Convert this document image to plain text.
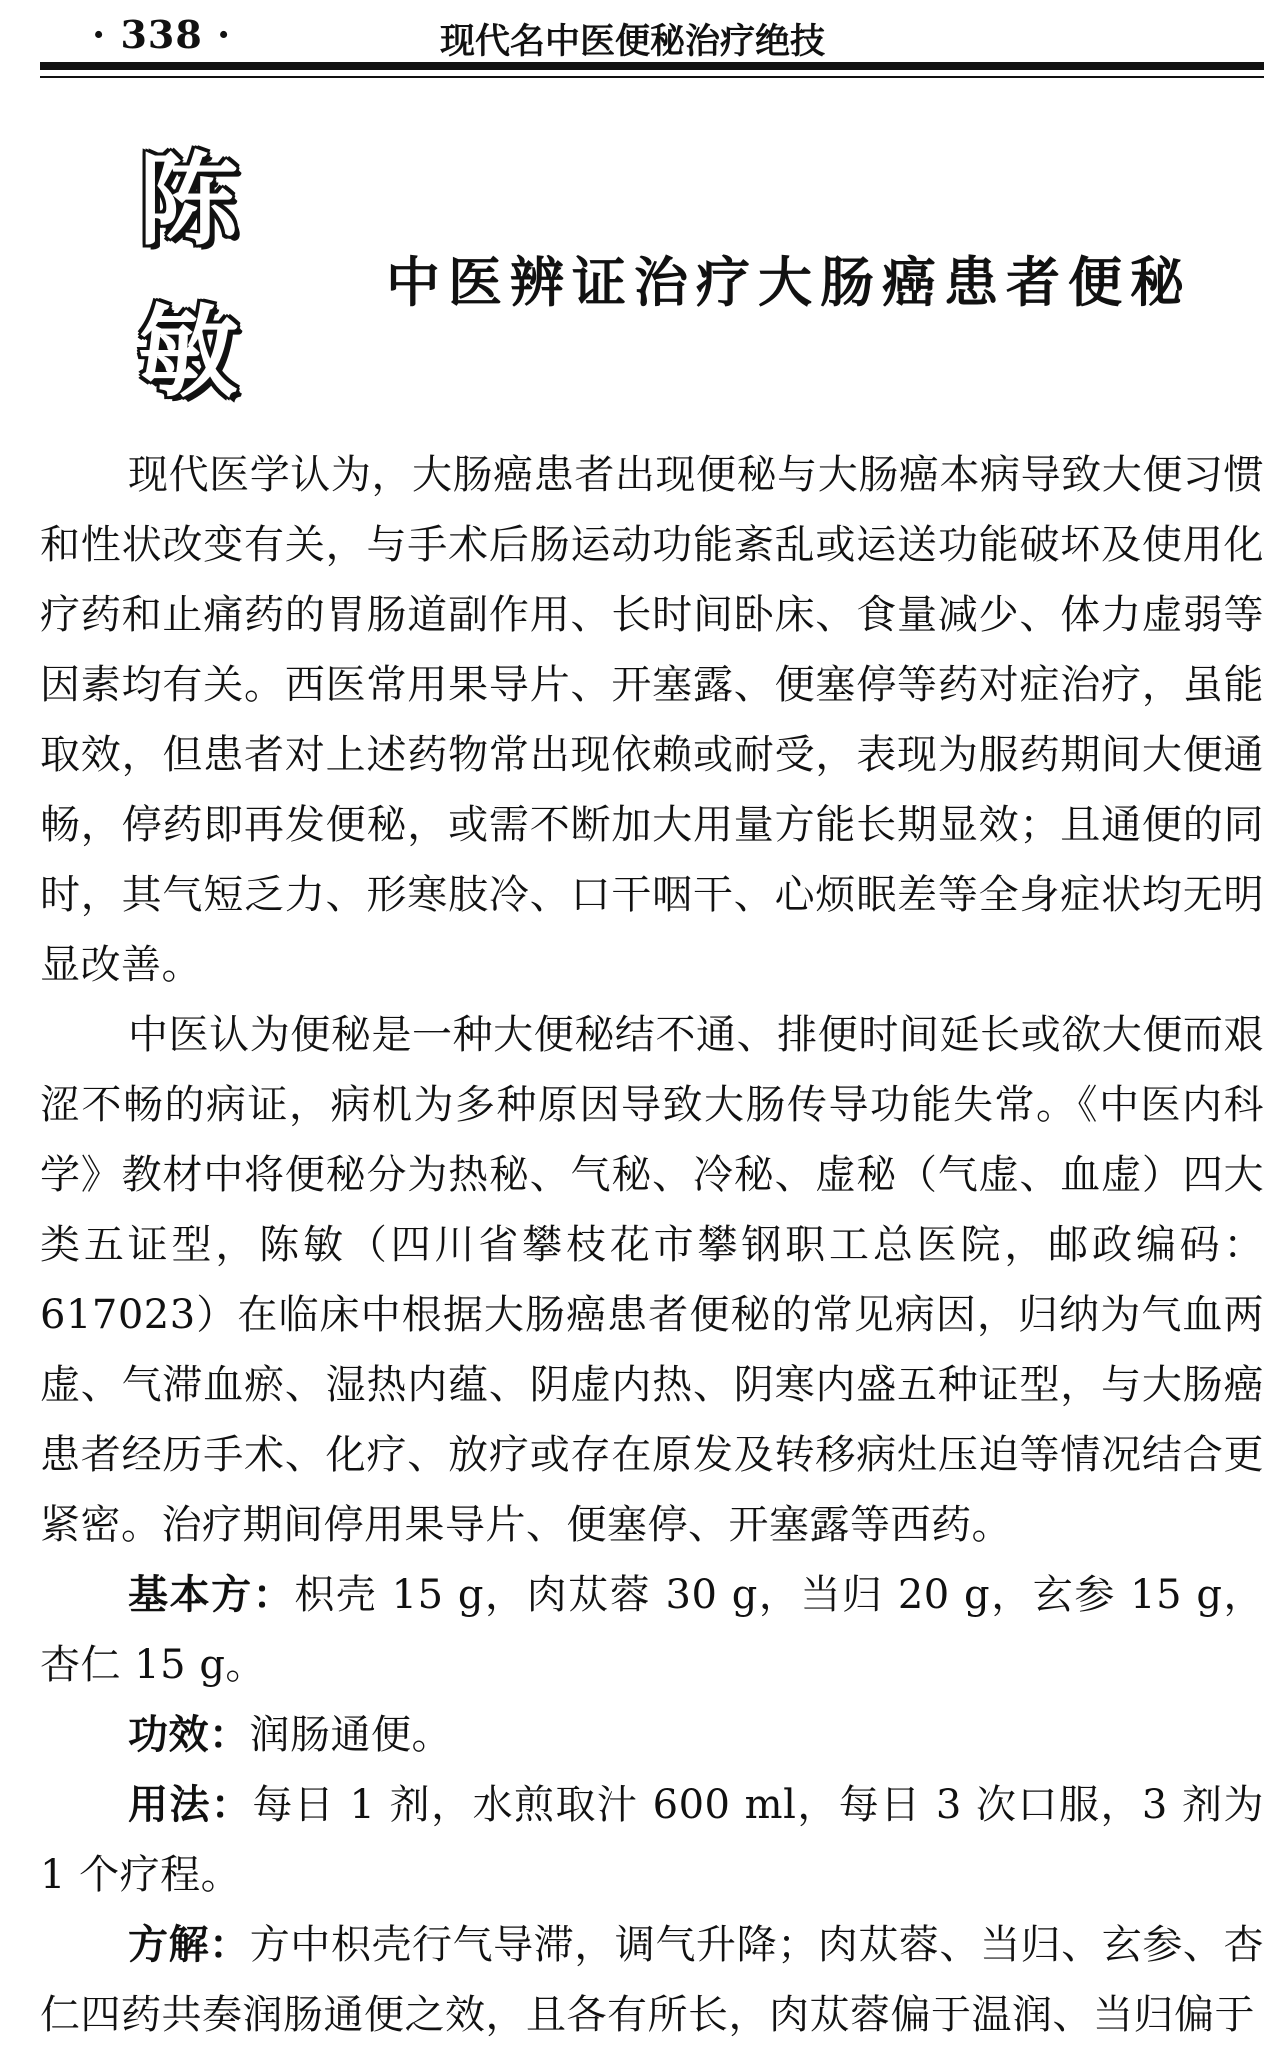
· 338 ·	现代名中医便秘治疗绝技
陈
敏
中医辨证治疗大肠癌患者便秘

现代医学认为，大肠癌患者出现便秘与大肠癌本病导致大便习惯和性状改变有关，与手术后肠运动功能紊乱或运送功能破坏及使用化疗药和止痛药的胃肠道副作用、长时间卧床、食量减少、体力虚弱等因素均有关。西医常用果导片、开塞露、便塞停等药对症治疗，虽能取效，但患者对上述药物常出现依赖或耐受，表现为服药期间大便通畅，停药即再发便秘，或需不断加大用量方能长期显效；且通便的同时，其气短乏力、形寒肢冷、口干咽干、心烦眠差等全身症状均无明显改善。

中医认为便秘是一种大便秘结不通、排便时间延长或欲大便而艰涩不畅的病证，病机为多种原因导致大肠传导功能失常。《中医内科学》教材中将便秘分为热秘、气秘、冷秘、虚秘（气虚、血虚）四大类五证型，陈敏（四川省攀枝花市攀钢职工总医院，邮政编码：617023）在临床中根据大肠癌患者便秘的常见病因，归纳为气血两虚、气滞血瘀、湿热内蕴、阴虚内热、阴寒内盛五种证型，与大肠癌患者经历手术、化疗、放疗或存在原发及转移病灶压迫等情况结合更紧密。治疗期间停用果导片、便塞停、开塞露等西药。

基本方：枳壳 15 g，肉苁蓉 30 g，当归 20 g，玄参 15 g，杏仁 15 g。

功效：润肠通便。

用法：每日 1 剂，水煎取汁 600 ml，每日 3 次口服，3 剂为 1 个疗程。

方解：方中枳壳行气导滞，调气升降；肉苁蓉、当归、玄参、杏仁四药共奏润肠通便之效，且各有所长，肉苁蓉偏于温润、当归偏于
